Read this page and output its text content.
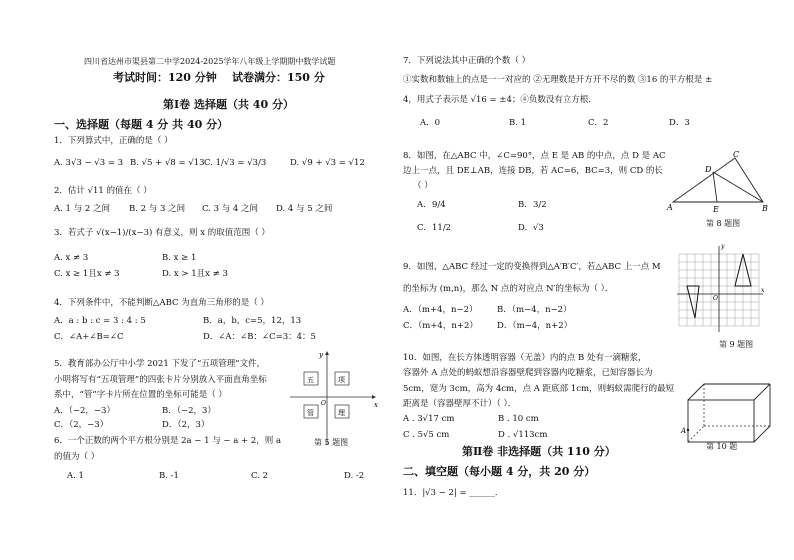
四川省达州市渠县第二中学2024-2025学年八年级上学期期中数学试题
考试时间：120 分钟 试卷满分：150 分
第Ⅰ卷 选择题（共 40 分）
一、选择题（每题 4 分 共 40 分）
1．下列算式中，正确的是（ ）
A. 3√3 − √3 = 3 B. √5 + √8 = √13 C. 1/√3 = √3/3	D. √9 + √3 = √12
2．估计 √11 的值在（ ）
A. 1 与 2 之间 B. 2 与 3 之间 C. 3 与 4 之间 D. 4 与 5 之间
3．若式子 √(x−1)/(x−3) 有意义，则 x 的取值范围（ ）
A. x ≠ 3	B. x ≥ 1
C. x ≥ 1且x ≠ 3	D. x > 1且x ≠ 3
4．下列条件中，不能判断△ABC 为直角三角形的是（ ）
A．a : b : c = 3 : 4 : 5	B．a，b，c=5，12，13
C．∠A+∠B=∠C	D．∠A：∠B：∠C=3：4：5
5．教育部办公厅中小学 2021 下发了“五项管理”文件，
小明将写有“五项管理”的四张卡片分别放入平面直角坐标
系中，“管”字卡片所在位置的坐标可能是（ ）
A．（−2，−3）	B．（−2，3）
C．（2，−3）	D．（2，3）
x
y
O
五	项
管	理
第 5 题图
6．一个正数的两个平方根分别是 2a − 1 与 − a + 2，则 a
的值为（ ）
A. 1	B. -1	C. 2	D. -2
7．下列说法其中正确的个数（ ）
①实数和数轴上的点是一一对应的 ②无理数是开方开不尽的数 ③16 的平方根是 ±
4，用式子表示是 √16 = ±4；④负数没有立方根．
A．0	B. 1	C．2	D．3
8．如图，在△ABC 中，∠C=90°，点 E 是 AB 的中点，点 D 是 AC
边上一点，且 DE⊥AB，连接 DB，若 AC=6，BC=3，则 CD 的长
（ ）
A. 9/4	B. 3/2
C. 11/2	D. √3
A	B
C
D
E
第 8 题图
9．如图，△ABC 经过一定的变换得到△A′B′C′，若△ABC 上一点 M
的坐标为 (m,n)，那么 N 点的对应点 N′的坐标为（ ）．
A．（m+4，n−2） B．（m−4，n−2）
C．（m+4，n+2） D．（m−4，n+2）
x
y
O
第 9 题图
10．如图，在长方体透明容器（无盖）内的点 B 处有一滴糖浆，
容器外 A 点处的蚂蚁想沿容器壁爬到容器内吃糖浆，已知容器长为
5cm，宽为 3cm，高为 4cm，点 A 距底部 1cm，则蚂蚁需爬行的最短
距离是（容器壁厚不计）（ ）．
A . 3√17 cm	B . 10 cm
C . 5√5 cm	D . √113cm	A
第 10 题
第Ⅱ卷 非选择题（共 110 分）
二、填空题（每小题 4 分，共 20 分）
11．|√3 − 2| = ______．
